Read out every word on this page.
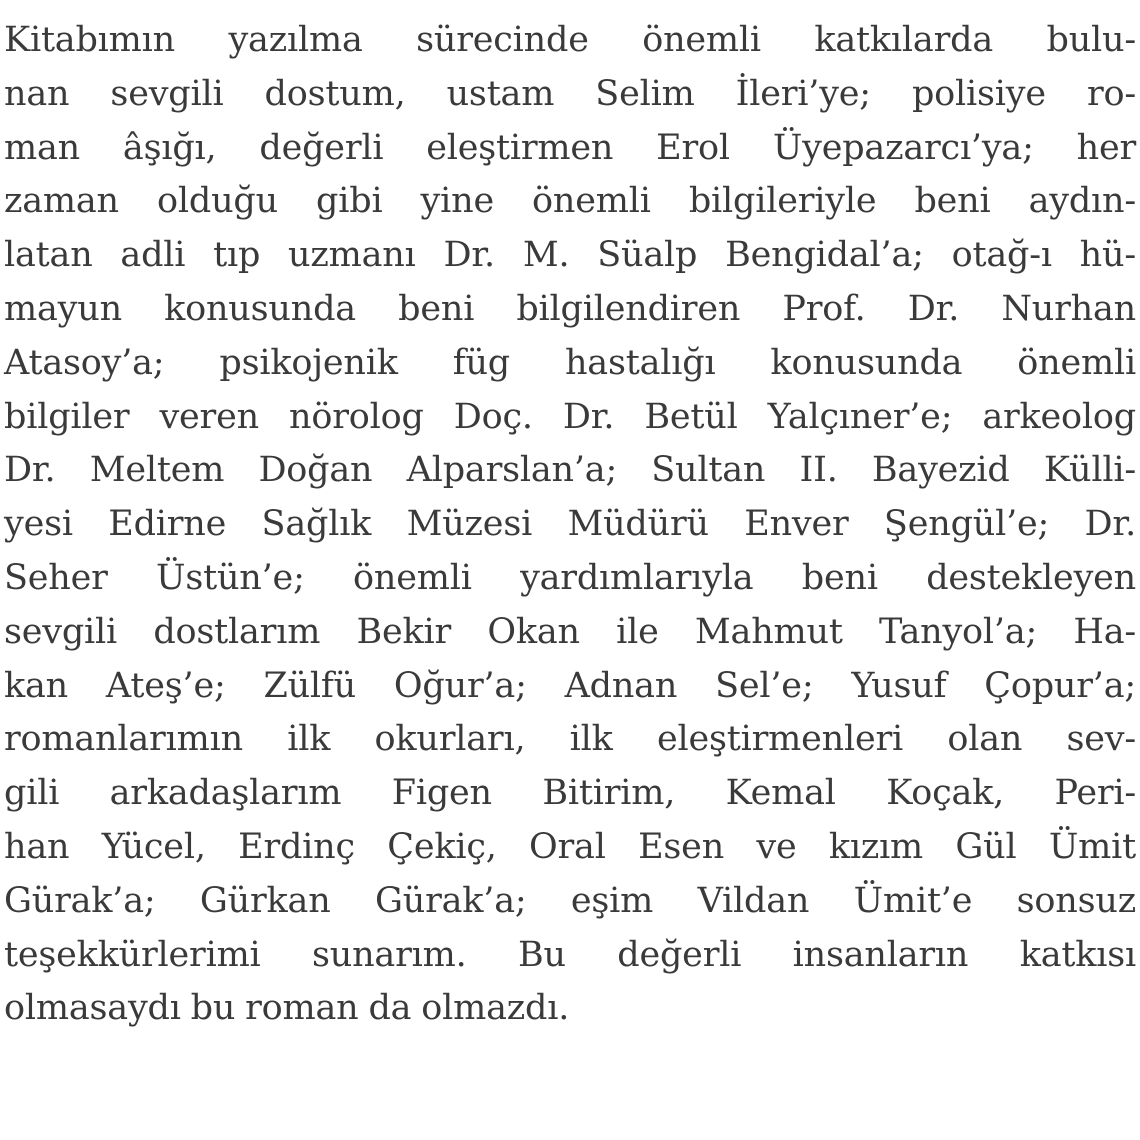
Kitabımın yazılma sürecinde önemli katkılarda bulu-
nan sevgili dostum, ustam Selim İleri’ye; polisiye ro-
man âşığı, değerli eleştirmen Erol Üyepazarcı’ya; her
zaman olduğu gibi yine önemli bilgileriyle beni aydın-
latan adli tıp uzmanı Dr. M. Süalp Bengidal’a; otağ-ı hü-
mayun konusunda beni bilgilendiren Prof. Dr. Nurhan
Atasoy’a; psikojenik füg hastalığı konusunda önemli
bilgiler veren nörolog Doç. Dr. Betül Yalçıner’e; arkeolog
Dr. Meltem Doğan Alparslan’a; Sultan II. Bayezid Külli-
yesi Edirne Sağlık Müzesi Müdürü Enver Şengül’e; Dr.
Seher Üstün’e; önemli yardımlarıyla beni destekleyen
sevgili dostlarım Bekir Okan ile Mahmut Tanyol’a; Ha-
kan Ateş’e; Zülfü Oğur’a; Adnan Sel’e; Yusuf Çopur’a;
romanlarımın ilk okurları, ilk eleştirmenleri olan sev-
gili arkadaşlarım Figen Bitirim, Kemal Koçak, Peri-
han Yücel, Erdinç Çekiç, Oral Esen ve kızım Gül Ümit
Gürak’a; Gürkan Gürak’a; eşim Vildan Ümit’e sonsuz
teşekkürlerimi sunarım. Bu değerli insanların katkısı
olmasaydı bu roman da olmazdı.
